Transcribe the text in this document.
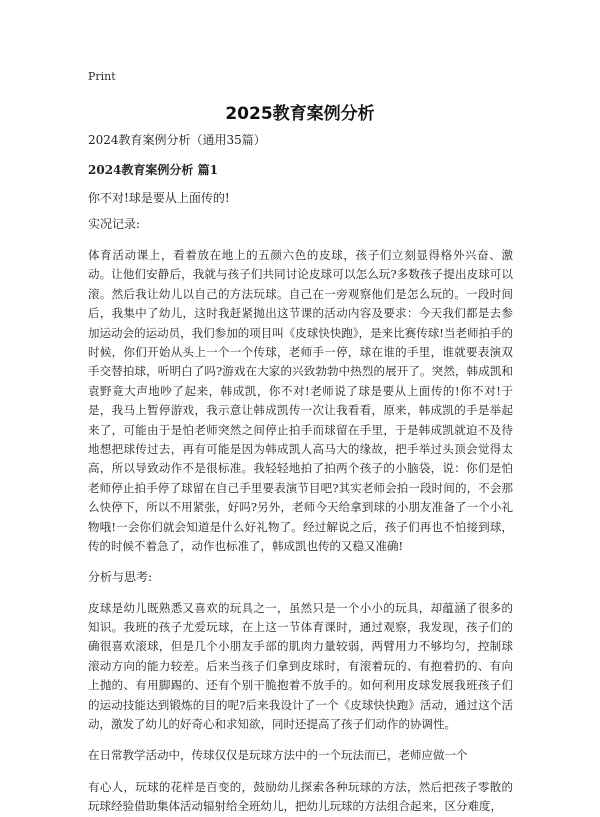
Print
2025教育案例分析

2024教育案例分析（通用35篇）

2024教育案例分析 篇1

你不对!球是要从上面传的!

实况记录:

体育活动课上，看着放在地上的五颜六色的皮球，孩子们立刻显得格外兴奋、激动。让他们安静后，我就与孩子们共同讨论皮球可以怎么玩?多数孩子提出皮球可以滚。然后我让幼儿以自己的方法玩球。自己在一旁观察他们是怎么玩的。一段时间后，我集中了幼儿，这时我赶紧抛出这节课的活动内容及要求：今天我们都是去参加运动会的运动员，我们参加的项目叫《皮球快快跑》，是来比赛传球!当老师拍手的时候，你们开始从头上一个一个传球，老师手一停，球在谁的手里，谁就要表演双手交替拍球，听明白了吗?游戏在大家的兴致勃勃中热烈的展开了。突然，韩成凯和袁野竟大声地吵了起来，韩成凯，你不对!老师说了球是要从上面传的!你不对!于是，我马上暂停游戏，我示意让韩成凯传一次让我看看，原来，韩成凯的手是举起来了，可能由于是怕老师突然之间停止拍手而球留在手里，于是韩成凯就迫不及待地想把球传过去，再有可能是因为韩成凯人高马大的缘故，把手举过头顶会觉得太高，所以导致动作不是很标准。我轻轻地拍了拍两个孩子的小脑袋，说：你们是怕老师停止拍手停了球留在自己手里要表演节目吧?其实老师会拍一段时间的，不会那么快停下，所以不用紧张，好吗?另外，老师今天给拿到球的小朋友准备了一个小礼物哦!一会你们就会知道是什么好礼物了。经过解说之后，孩子们再也不怕接到球，传的时候不着急了，动作也标准了，韩成凯也传的又稳又准确!

分析与思考:

皮球是幼儿既熟悉又喜欢的玩具之一，虽然只是一个小小的玩具，却蕴涵了很多的知识。我班的孩子尤爱玩球，在上这一节体育课时，通过观察，我发现，孩子们的确很喜欢滚球，但是几个小朋友手部的肌肉力量较弱，两臂用力不够均匀，控制球滚动方向的能力较差。后来当孩子们拿到皮球时，有滚着玩的、有抱着扔的、有向上抛的、有用脚踢的、还有个别干脆抱着不放手的。如何利用皮球发展我班孩子们的运动技能达到锻炼的目的呢?后来我设计了一个《皮球快快跑》活动，通过这个活动，激发了幼儿的好奇心和求知欲，同时还提高了孩子们动作的协调性。

在日常教学活动中，传球仅仅是玩球方法中的一个玩法而已，老师应做一个

有心人，玩球的花样是百变的，鼓励幼儿探索各种玩球的方法，然后把孩子零散的玩球经验借助集体活动辐射给全班幼儿，把幼儿玩球的方法组合起来，区分难度，
